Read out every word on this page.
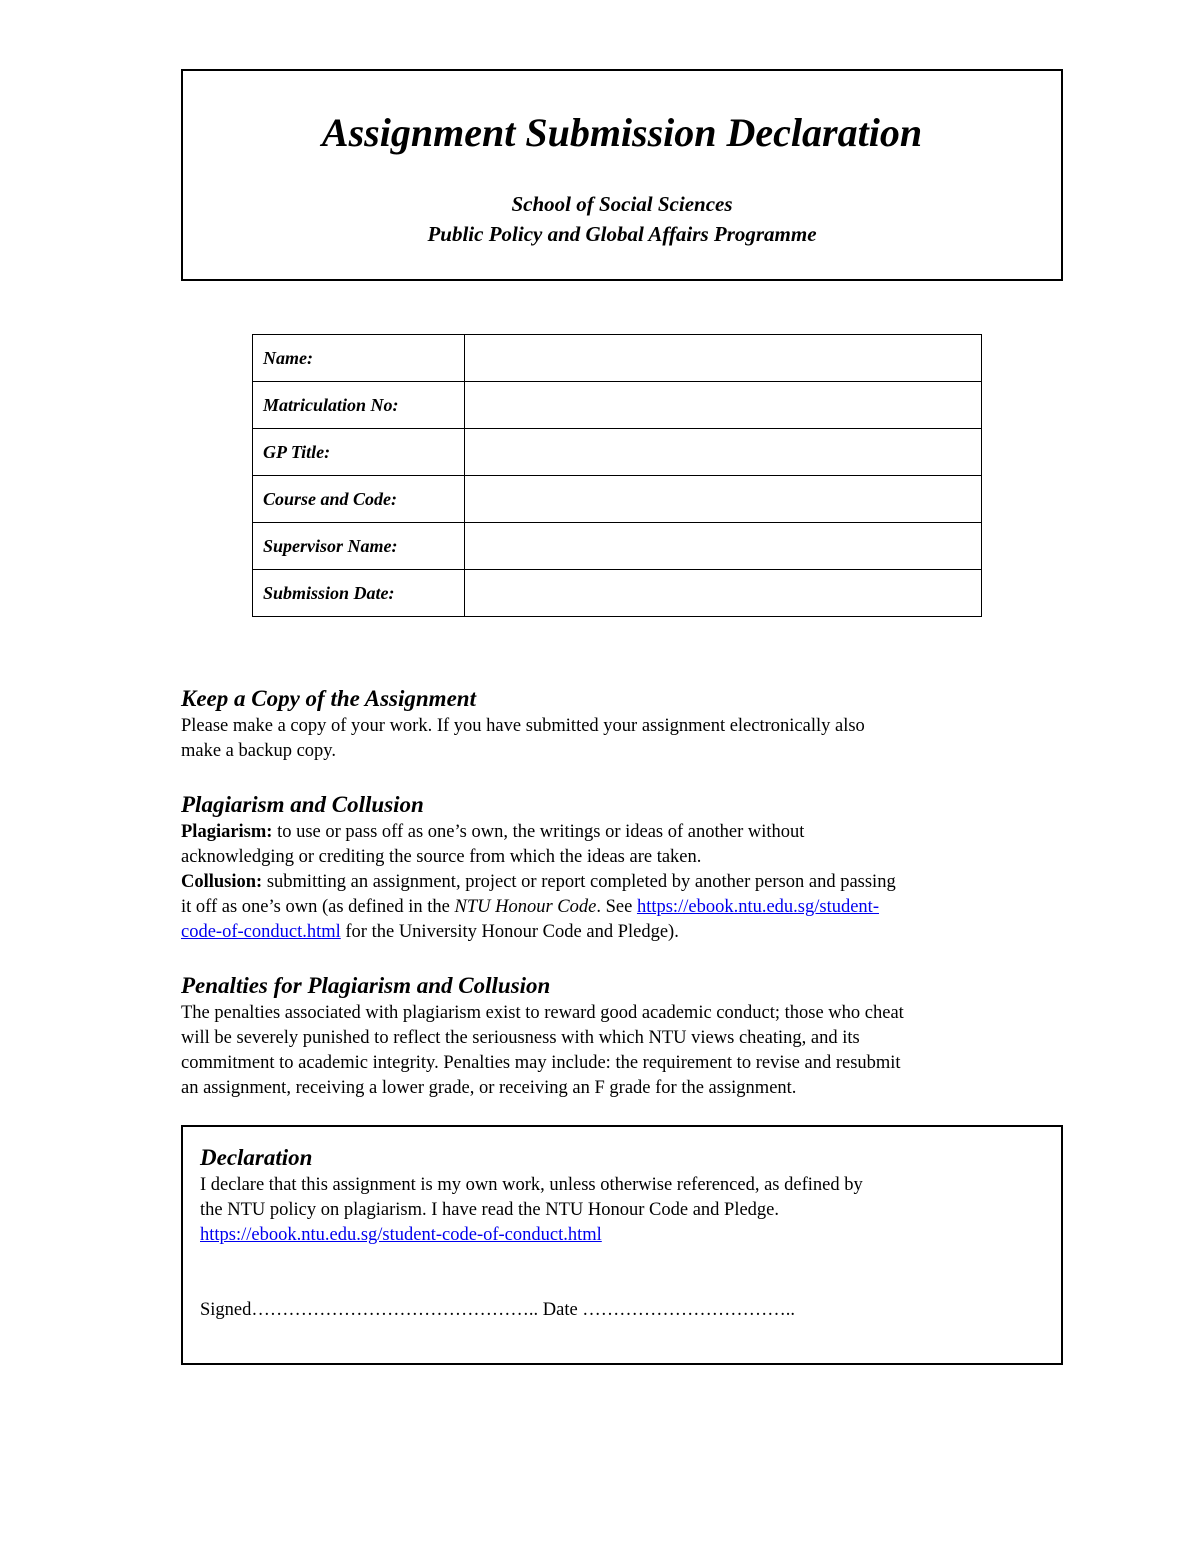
Assignment Submission Declaration

School of Social Sciences

Public Policy and Global Affairs Programme

Name:	
Matriculation No:	
GP Title:	
Course and Code:	
Supervisor Name:	
Submission Date:	

Keep a Copy of the Assignment

Please make a copy of your work. If you have submitted your assignment electronically also

make a backup copy.

Plagiarism and Collusion

Plagiarism: to use or pass off as one’s own, the writings or ideas of another without

acknowledging or crediting the source from which the ideas are taken.

Collusion: submitting an assignment, project or report completed by another person and passing

it off as one’s own (as defined in the NTU Honour Code. See https://ebook.ntu.edu.sg/student-

code-of-conduct.html for the University Honour Code and Pledge).

Penalties for Plagiarism and Collusion

The penalties associated with plagiarism exist to reward good academic conduct; those who cheat

will be severely punished to reflect the seriousness with which NTU views cheating, and its

commitment to academic integrity. Penalties may include: the requirement to revise and resubmit

an assignment, receiving a lower grade, or receiving an F grade for the assignment.

Declaration

I declare that this assignment is my own work, unless otherwise referenced, as defined by

the NTU policy on plagiarism. I have read the NTU Honour Code and Pledge.

https://ebook.ntu.edu.sg/student-code-of-conduct.html

Signed……………………………………….. Date ……………………………..
